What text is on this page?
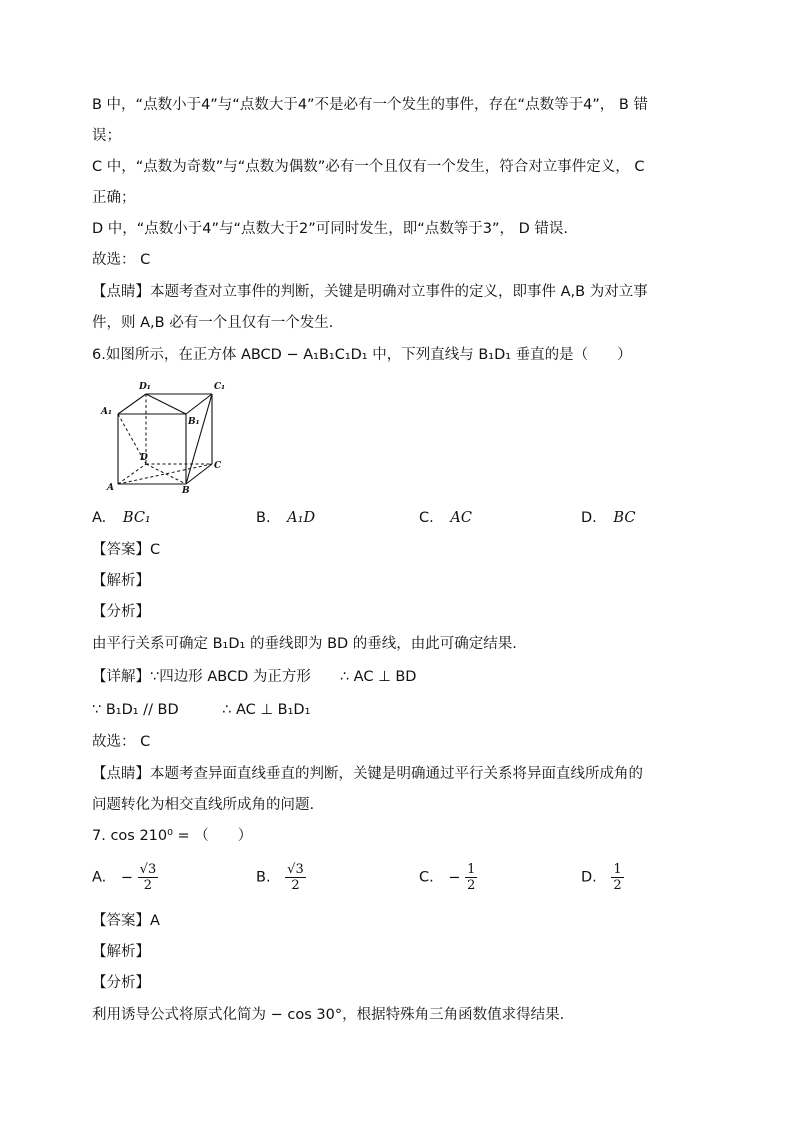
B 中，“点数小于4”与“点数大于4”不是必有一个发生的事件，存在“点数等于4”， B 错
误；
C 中，“点数为奇数”与“点数为偶数”必有一个且仅有一个发生，符合对立事件定义， C
正确；
D 中，“点数小于4”与“点数大于2”可同时发生，即“点数等于3”， D 错误.
故选： C
【点睛】本题考查对立事件的判断，关键是明确对立事件的定义，即事件 A,B 为对立事
件，则 A,B 必有一个且仅有一个发生.
6.如图所示，在正方体 ABCD − A₁B₁C₁D₁ 中，下列直线与 B₁D₁ 垂直的是（　　）
D₁	C₁
A₁
B₁
D
C
A	B
A. BC₁	B. A₁D	C. AC	D. BC
【答案】C
【解析】
【分析】
由平行关系可确定 B₁D₁ 的垂线即为 BD 的垂线，由此可确定结果.
【详解】∵四边形 ABCD 为正方形　　∴ AC ⊥ BD
∵ B₁D₁ // BD　　　∴ AC ⊥ B₁D₁
故选： C
【点睛】本题考查异面直线垂直的判断，关键是明确通过平行关系将异面直线所成角的
问题转化为相交直线所成角的问题.
7. cos 210⁰ = （　　）
A. − $\frac{√3}{2}$	B. $\frac{√3}{2}$	C. − $\frac{1}{2}$	D. $\frac{1}{2}$
【答案】A
【解析】
【分析】
利用诱导公式将原式化简为 − cos 30°，根据特殊角三角函数值求得结果.
